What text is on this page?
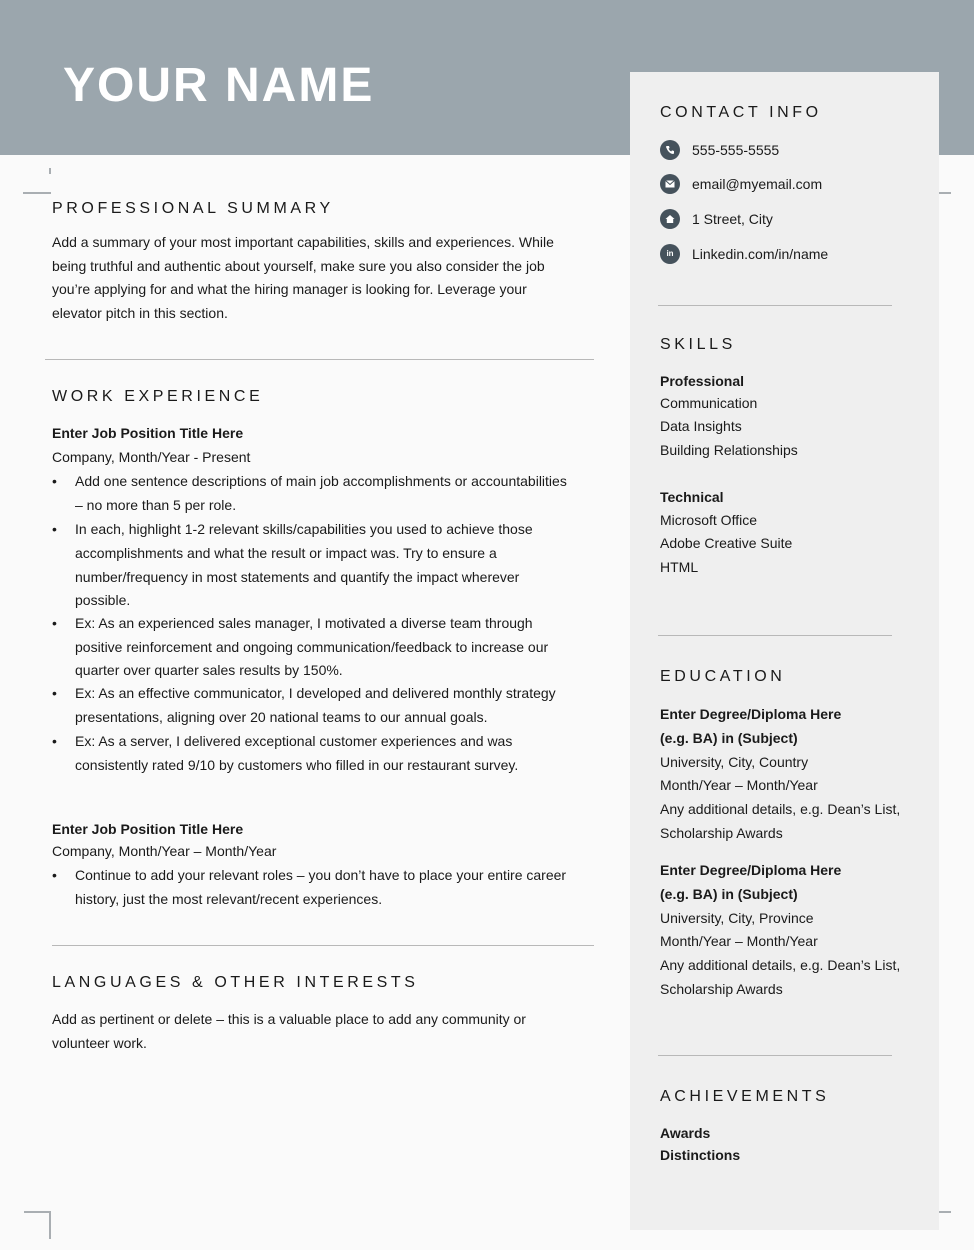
YOUR NAME
PROFESSIONAL SUMMARY
Add a summary of your most important capabilities, skills and experiences. While
being truthful and authentic about yourself, make sure you also consider the job
you’re applying for and what the hiring manager is looking for. Leverage your
elevator pitch in this section.
WORK EXPERIENCE
Enter Job Position Title Here
Company, Month/Year - Present
• Add one sentence descriptions of main job accomplishments or accountabilities
– no more than 5 per role.
• In each, highlight 1-2 relevant skills/capabilities you used to achieve those
accomplishments and what the result or impact was. Try to ensure a
number/frequency in most statements and quantify the impact wherever
possible.
• Ex: As an experienced sales manager, I motivated a diverse team through
positive reinforcement and ongoing communication/feedback to increase our
quarter over quarter sales results by 150%.
• Ex: As an effective communicator, I developed and delivered monthly strategy
presentations, aligning over 20 national teams to our annual goals.
• Ex: As a server, I delivered exceptional customer experiences and was
consistently rated 9/10 by customers who filled in our restaurant survey.
Enter Job Position Title Here
Company, Month/Year – Month/Year
• Continue to add your relevant roles – you don’t have to place your entire career
history, just the most relevant/recent experiences.
LANGUAGES & OTHER INTERESTS
Add as pertinent or delete – this is a valuable place to add any community or
volunteer work.
CONTACT INFO
555-555-5555
email@myemail.com
1 Street, City
in Linkedin.com/in/name
SKILLS
Professional
Communication
Data Insights
Building Relationships
Technical
Microsoft Office
Adobe Creative Suite
HTML
EDUCATION
Enter Degree/Diploma Here
(e.g. BA) in (Subject)
University, City, Country
Month/Year – Month/Year
Any additional details, e.g. Dean’s List,
Scholarship Awards
Enter Degree/Diploma Here
(e.g. BA) in (Subject)
University, City, Province
Month/Year – Month/Year
Any additional details, e.g. Dean’s List,
Scholarship Awards
ACHIEVEMENTS
Awards
Distinctions
